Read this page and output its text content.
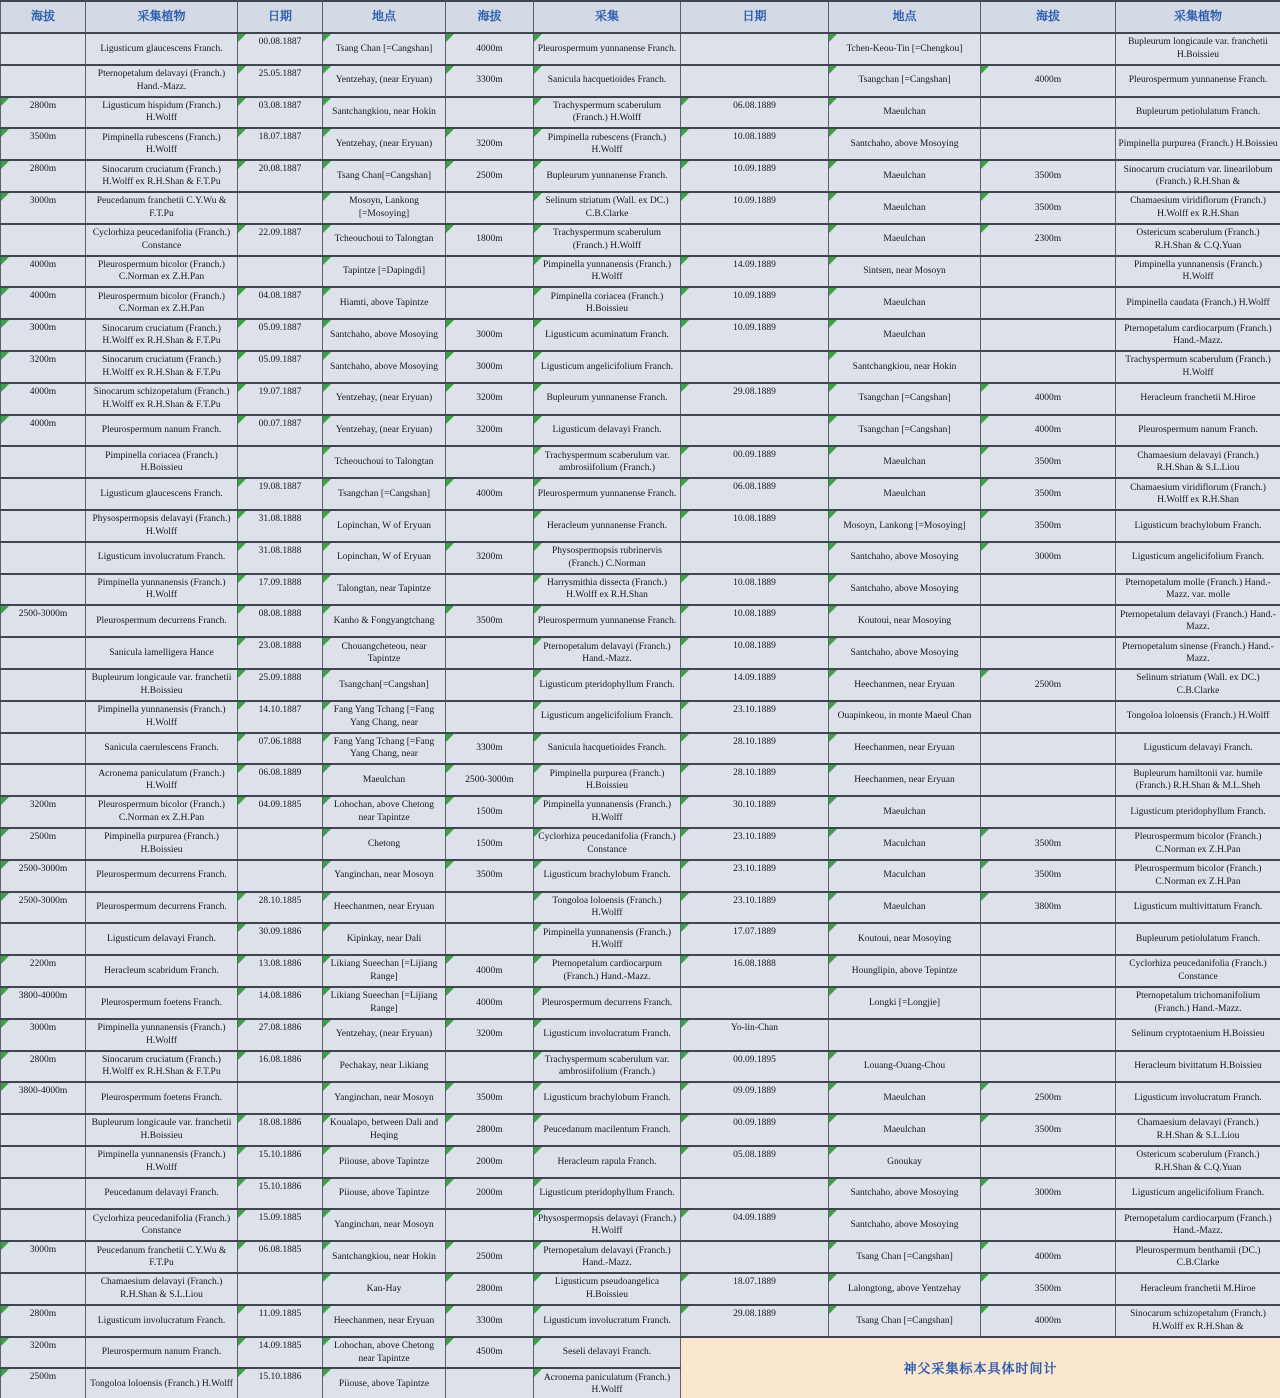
海拔	采集植物	日期	地点	海拔	采集	日期	地点	海拔	采集植物
	Ligusticum glaucescens Franch.	00.08.1887	Tsang Chan [=Cangshan]	4000m	Pleurospermum yunnanense Franch.		Tchen-Keou-Tin [=Chengkou]		Bupleurum longicaule var. franchetii H.Boissieu
	Pternopetalum delavayi (Franch.) Hand.-Mazz.	25.05.1887	Yentzehay, (near Eryuan)	3300m	Sanicula hacquetioides Franch.		Tsangchan [=Cangshan]	4000m	Pleurospermum yunnanense Franch.
2800m	Ligusticum hispidum (Franch.) H.Wolff	03.08.1887	Santchangkiou, near Hokin		Trachyspermum scaberulum (Franch.) H.Wolff	06.08.1889	Maeulchan		Bupleurum petiolulatum Franch.
3500m	Pimpinella rubescens (Franch.) H.Wolff	18.07.1887	Yentzehay, (near Eryuan)	3200m	Pimpinella rubescens (Franch.) H.Wolff	10.08.1889	Santchaho, above Mosoying		Pimpinella purpurea (Franch.) H.Boissieu
2800m	Sinocarum cruciatum (Franch.) H.Wolff ex R.H.Shan & F.T.Pu	20.08.1887	Tsang Chan[=Cangshan]	2500m	Bupleurum yunnanense Franch.	10.09.1889	Maeulchan	3500m	Sinocarum cruciatum var. linearilobum (Franch.) R.H.Shan &
3000m	Peucedanum franchetii C.Y.Wu & F.T.Pu		Mosoyn, Lankong [=Mosoying]		Selinum striatum (Wall. ex DC.) C.B.Clarke	10.09.1889	Maeulchan	3500m	Chamaesium viridiflorum (Franch.) H.Wolff ex R.H.Shan
	Cyclorhiza peucedanifolia (Franch.) Constance	22.09.1887	Tcheouchoui to Talongtan	1800m	Trachyspermum scaberulum (Franch.) H.Wolff		Maeulchan	2300m	Ostericum scaberulum (Franch.) R.H.Shan & C.Q.Yuan
4000m	Pleurospermum bicolor (Franch.) C.Norman ex Z.H.Pan		Tapintze [=Dapingdi]		Pimpinella yunnanensis (Franch.) H.Wolff	14.09.1889	Sintsen, near Mosoyn		Pimpinella yunnanensis (Franch.) H.Wolff
4000m	Pleurospermum bicolor (Franch.) C.Norman ex Z.H.Pan	04.08.1887	Hiamti, above Tapintze		Pimpinella coriacea (Franch.) H.Boissieu	10.09.1889	Maeulchan		Pimpinella caudata (Franch.) H.Wolff
3000m	Sinocarum cruciatum (Franch.) H.Wolff ex R.H.Shan & F.T.Pu	05.09.1887	Santchaho, above Mosoying	3000m	Ligusticum acuminatum Franch.	10.09.1889	Maeulchan		Pternopetalum cardiocarpum (Franch.) Hand.-Mazz.
3200m	Sinocarum cruciatum (Franch.) H.Wolff ex R.H.Shan & F.T.Pu	05.09.1887	Santchaho, above Mosoying	3000m	Ligusticum angelicifolium Franch.		Santchangkiou, near Hokin		Trachyspermum scaberulum (Franch.) H.Wolff
4000m	Sinocarum schizopetalum (Franch.) H.Wolff ex R.H.Shan & F.T.Pu	19.07.1887	Yentzehay, (near Eryuan)	3200m	Bupleurum yunnanense Franch.	29.08.1889	Tsangchan [=Cangshan]	4000m	Heracleum franchetii M.Hiroe
4000m	Pleurospermum nanum Franch.	00.07.1887	Yentzehay, (near Eryuan)	3200m	Ligusticum delavayi Franch.		Tsangchan [=Cangshan]	4000m	Pleurospermum nanum Franch.
	Pimpinella coriacea (Franch.) H.Boissieu		Tcheouchoui to Talongtan		Trachyspermum scaberulum var. ambrosiifolium (Franch.)	00.09.1889	Maeulchan	3500m	Chamaesium delavayi (Franch.) R.H.Shan & S.L.Liou
	Ligusticum glaucescens Franch.	19.08.1887	Tsangchan [=Cangshan]	4000m	Pleurospermum yunnanense Franch.	06.08.1889	Maeulchan	3500m	Chamaesium viridiflorum (Franch.) H.Wolff ex R.H.Shan
	Physospermopsis delavayi (Franch.) H.Wolff	31.08.1888	Lopinchan, W of Eryuan		Heracleum yunnanense Franch.	10.08.1889	Mosoyn, Lankong [=Mosoying]	3500m	Ligusticum brachylobum Franch.
	Ligusticum involucratum Franch.	31.08.1888	Lopinchan, W of Eryuan	3200m	Physospermopsis rubrinervis (Franch.) C.Norman		Santchaho, above Mosoying	3000m	Ligusticum angelicifolium Franch.
	Pimpinella yunnanensis (Franch.) H.Wolff	17.09.1888	Talongtan, near Tapintze		Harrysmithia dissecta (Franch.) H.Wolff ex R.H.Shan	10.08.1889	Santchaho, above Mosoying		Pternopetalum molle (Franch.) Hand.-Mazz. var. molle
2500-3000m	Pleurospermum decurrens Franch.	08.08.1888	Kanho & Fongyangtchang	3500m	Pleurospermum yunnanense Franch.	10.08.1889	Koutoui, near Mosoying		Pternopetalum delavayi (Franch.) Hand.-Mazz.
	Sanicula lamelligera Hance	23.08.1888	Chouangcheteou, near Tapintze		Pternopetalum delavayi (Franch.) Hand.-Mazz.	10.08.1889	Santchaho, above Mosoying		Pternopetalum sinense (Franch.) Hand.-Mazz.
	Bupleurum longicaule var. franchetii H.Boissieu	25.09.1888	Tsangchan[=Cangshan]		Ligusticum pteridophyllum Franch.	14.09.1889	Heechanmen, near Eryuan	2500m	Selinum striatum (Wall. ex DC.) C.B.Clarke
	Pimpinella yunnanensis (Franch.) H.Wolff	14.10.1887	Fang Yang Tchang [=Fang Yang Chang, near		Ligusticum angelicifolium Franch.	23.10.1889	Ouapinkeou, in monte Maeul Chan		Tongoloa loloensis (Franch.) H.Wolff
	Sanicula caerulescens Franch.	07.06.1888	Fang Yang Tchang [=Fang Yang Chang, near	3300m	Sanicula hacquetioides Franch.	28.10.1889	Heechanmen, near Eryuan		Ligusticum delavayi Franch.
	Acronema paniculatum (Franch.) H.Wolff	06.08.1889	Maeulchan	2500-3000m	Pimpinella purpurea (Franch.) H.Boissieu	28.10.1889	Heechanmen, near Eryuan		Bupleurum hamiltonii var. humile (Franch.) R.H.Shan & M.L.Sheh
3200m	Pleurospermum bicolor (Franch.) C.Norman ex Z.H.Pan	04.09.1885	Lohochan, above Chetong near Tapintze	1500m	Pimpinella yunnanensis (Franch.) H.Wolff	30.10.1889	Maeulchan		Ligusticum pteridophyllum Franch.
2500m	Pimpinella purpurea (Franch.) H.Boissieu		Chetong	1500m	Cyclorhiza peucedanifolia (Franch.) Constance	23.10.1889	Maculchan	3500m	Pleurospermum bicolor (Franch.) C.Norman ex Z.H.Pan
2500-3000m	Pleurospermum decurrens Franch.		Yanginchan, near Mosoyn	3500m	Ligusticum brachylobum Franch.	23.10.1889	Maculchan	3500m	Pleurospermum bicolor (Franch.) C.Norman ex Z.H.Pan
2500-3000m	Pleurospermum decurrens Franch.	28.10.1885	Heechanmen, near Eryuan		Tongoloa loloensis (Franch.) H.Wolff	23.10.1889	Maeulchan	3800m	Ligusticum multivittatum Franch.
	Ligusticum delavayi Franch.	30.09.1886	Kipinkay, near Dali		Pimpinella yunnanensis (Franch.) H.Wolff	17.07.1889	Koutoui, near Mosoying		Bupleurum petiolulatum Franch.
2200m	Heracleum scabridum Franch.	13.08.1886	Likiang Sueechan [=Lijiang Range]	4000m	Pternopetalum cardiocarpum (Franch.) Hand.-Mazz.	16.08.1888	Hounglipin, above Tepintze		Cyclorhiza peucedanifolia (Franch.) Constance
3800-4000m	Pleurospermum foetens Franch.	14.08.1886	Likiang Sueechan [=Lijiang Range]	4000m	Pleurospermum decurrens Franch.		Longki [=Longjie]		Pternopetalum trichomanifolium (Franch.) Hand.-Mazz.
3000m	Pimpinella yunnanensis (Franch.) H.Wolff	27.08.1886	Yentzehay, (near Eryuan)	3200m	Ligusticum involucratum Franch.	Yo-lin-Chan			Selinum cryptotaenium H.Boissieu
2800m	Sinocarum cruciatum (Franch.) H.Wolff ex R.H.Shan & F.T.Pu	16.08.1886	Pechakay, near Likiang		Trachyspermum scaberulum var. ambrosiifolium (Franch.)	00.09.1895	Louang-Ouang-Chou		Heracleum bivittatum H.Boissieu
3800-4000m	Pleurospermum foetens Franch.		Yanginchan, near Mosoyn	3500m	Ligusticum brachylobum Franch.	09.09.1889	Maeulchan	2500m	Ligusticum involucratum Franch.
	Bupleurum longicaule var. franchetii H.Boissieu	18.08.1886	Koualapo, between Dali and Heqing	2800m	Peucedanum macilentum Franch.	00.09.1889	Maeulchan	3500m	Chamaesium delavayi (Franch.) R.H.Shan & S.L.Liou
	Pimpinella yunnanensis (Franch.) H.Wolff	15.10.1886	Piiouse, above Tapintze	2000m	Heracleum rapula Franch.	05.08.1889	Gnoukay		Ostericum scaberulum (Franch.) R.H.Shan & C.Q.Yuan
	Peucedanum delavayi Franch.	15.10.1886	Piiouse, above Tapintze	2000m	Ligusticum pteridophyllum Franch.		Santchaho, above Mosoying	3000m	Ligusticum angelicifolium Franch.
	Cyclorhiza peucedanifolia (Franch.) Constance	15.09.1885	Yanginchan, near Mosoyn		Physospermopsis delavayi (Franch.) H.Wolff	04.09.1889	Santchaho, above Mosoying		Pternopetalum cardiocarpum (Franch.) Hand.-Mazz.
3000m	Peucedanum franchetii C.Y.Wu & F.T.Pu	06.08.1885	Santchangkiou, near Hokin	2500m	Pternopetalum delavayi (Franch.) Hand.-Mazz.		Tsang Chan [=Cangshan]	4000m	Pleurospermum benthamii (DC.) C.B.Clarke
	Chamaesium delavayi (Franch.) R.H.Shan & S.L.Liou		Kan-Hay	2800m	Ligusticum pseudoangelica H.Boissieu	18.07.1889	Lalongtong, above Yentzehay	3500m	Heracleum franchetii M.Hiroe
2800m	Ligusticum involucratum Franch.	11.09.1885	Heechanmen, near Eryuan	3300m	Ligusticum involucratum Franch.	29.08.1889	Tsang Chan [=Cangshan]	4000m	Sinocarum schizopetalum (Franch.) H.Wolff ex R.H.Shan &
3200m	Pleurospermum nanum Franch.	14.09.1885	Lohochan, above Chetong near Tapintze	4500m	Seseli delavayi Franch.	神父采集标本具体时间计			
2500m	Tongoloa loloensis (Franch.) H.Wolff	15.10.1886	Piiouse, above Tapintze		Acronema paniculatum (Franch.) H.Wolff				
